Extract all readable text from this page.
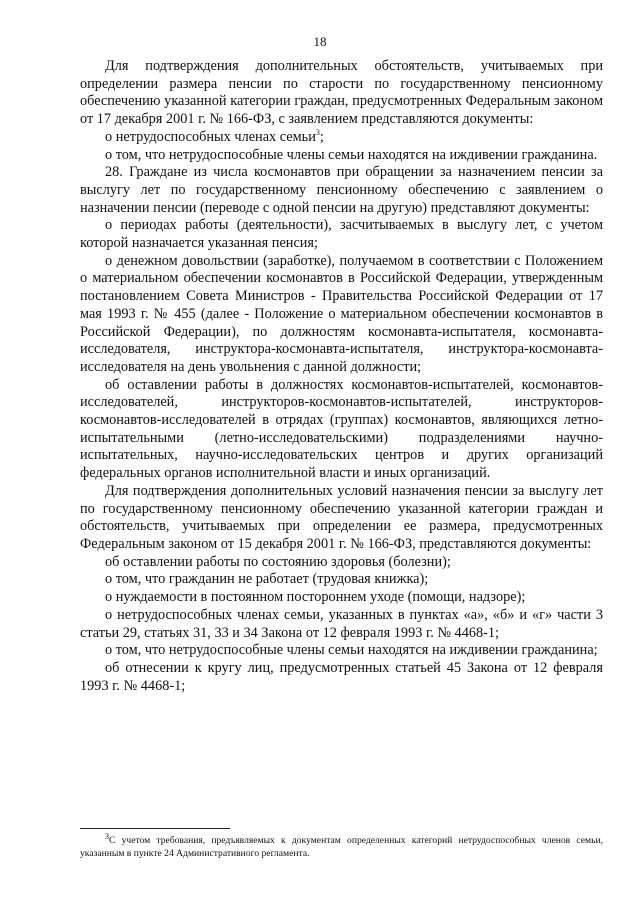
18

Для подтверждения дополнительных обстоятельств, учитываемых при определении размера пенсии по старости по государственному пенсионному обеспечению указанной категории граждан, предусмотренных Федеральным законом от 17 декабря 2001 г. № 166-ФЗ, с заявлением представляются документы:

о нетрудоспособных членах семьи$^3$;

о том, что нетрудоспособные члены семьи находятся на иждивении гражданина.

28. Граждане из числа космонавтов при обращении за назначением пенсии за выслугу лет по государственному пенсионному обеспечению с заявлением о назначении пенсии (переводе с одной пенсии на другую) представляют документы:

о периодах работы (деятельности), засчитываемых в выслугу лет, с учетом которой назначается указанная пенсия;

о денежном довольствии (заработке), получаемом в соответствии с Положением о материальном обеспечении космонавтов в Российской Федерации, утвержденным постановлением Совета Министров - Правительства Российской Федерации от 17 мая 1993 г. № 455 (далее - Положение о материальном обеспечении космонавтов в Российской Федерации), по должностям космонавта-испытателя, космонавта-исследователя, инструктора-космонавта-испытателя, инструктора-космонавта-исследователя на день увольнения с данной должности;

об оставлении работы в должностях космонавтов-испытателей, космонавтов-исследователей, инструкторов-космонавтов-испытателей, инструкторов-космонавтов-исследователей в отрядах (группах) космонавтов, являющихся летно-испытательными (летно-исследовательскими) подразделениями научно-испытательных, научно-исследовательских центров и других организаций федеральных органов исполнительной власти и иных организаций.

Для подтверждения дополнительных условий назначения пенсии за выслугу лет по государственному пенсионному обеспечению указанной категории граждан и обстоятельств, учитываемых при определении ее размера, предусмотренных Федеральным законом от 15 декабря 2001 г. № 166-ФЗ, представляются документы:

об оставлении работы по состоянию здоровья (болезни);

о том, что гражданин не работает (трудовая книжка);

о нуждаемости в постоянном постороннем уходе (помощи, надзоре);

о нетрудоспособных членах семьи, указанных в пунктах «а», «б» и «г» части 3 статьи 29, статьях 31, 33 и 34 Закона от 12 февраля 1993 г. № 4468-1;

о том, что нетрудоспособные члены семьи находятся на иждивении гражданина;

об отнесении к кругу лиц, предусмотренных статьей 45 Закона от 12 февраля 1993 г. № 4468-1;

$^3$С учетом требования, предъявляемых к документам определенных категорий нетрудоспособных членов семьи, указанным в пункте 24 Административного регламента.
